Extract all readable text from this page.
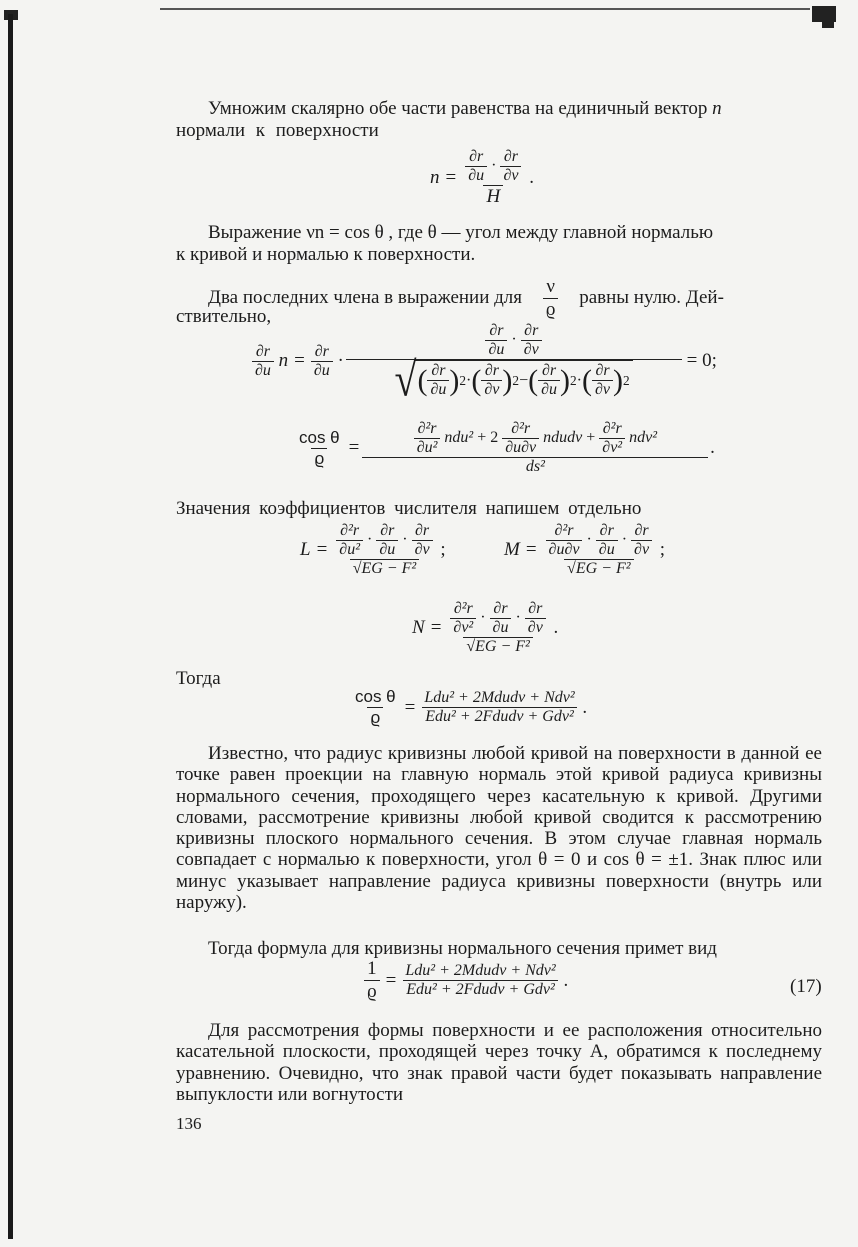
Умножим скалярно обе части равенства на единичный вектор n
нормали к поверхности
$n = \frac{\frac{\partial r}{\partial u} \cdot \frac{\partial r}{\partial v}}{H}$ .
Выражение νn = cos θ , где θ — угол между главной нормалью
к кривой и нормалью к поверхности.
Два последних члена в выражении для $\frac{\nu}{ϱ}$ равны нулю. Дей-
ствительно,
$\frac{\partial r}{\partial u}$ $n = \frac{\partial r}{\partial u}$ ·
$\frac{\partial r}{\partial u} \cdot \frac{\partial r}{\partial v}$
√ ( $\frac{\partial r}{\partial u}$ ) 2 · ( $\frac{\partial r}{\partial v}$ ) 2 − ( $\frac{\partial r}{\partial u}$ ) 2 · ( $\frac{\partial r}{\partial v}$ ) 2
= 0;
$\frac{\text{cos θ}}{ϱ}$ =	$\frac{\text{∂²r}}{\text{∂u²}} ndu^2 + 2 \frac{\text{∂²r}}{\partial u\partial v}$ ndudv + $\frac{\text{∂²r}}{\text{∂v²}} ndv^2$
ds²
.
Значения коэффициентов числителя напишем отдельно
$L = \frac{\frac{\text{∂²r}}{\text{∂u²}} \cdot \frac{\partial r}{\partial u} \cdot \frac{\partial r}{\partial v}}{\text{√EG − F²}}$ ;	$M = \frac{\frac{\text{∂²r}}{\partial u\partial v} \cdot \frac{\partial r}{\partial u} \cdot \frac{\partial r}{\partial v}}{\text{√EG − F²}}$ ;
$N = \frac{\frac{\text{∂²r}}{\text{∂v²}} \cdot \frac{\partial r}{\partial u} \cdot \frac{\partial r}{\partial v}}{\text{√EG − F²}}$ .
Тогда
$\frac{\text{cos θ}}{ϱ} = \frac{\text{Ldu² + 2Mdudv + Ndv²}}{\text{Edu² + 2Fdudv + Gdv²}}$ .
Известно, что радиус кривизны любой кривой на поверхности в данной ее точке равен проекции на главную нормаль этой кривой радиуса кривизны нормального сечения, проходящего через касательную к кривой. Другими словами, рассмотрение кривизны любой кривой сводится к рассмотрению кривизны плоского нормального сечения. В этом случае главная нормаль совпадает с нормалью к поверхности, угол θ = 0 и cos θ = ±1. Знак плюс или минус указывает направление радиуса кривизны поверхности (внутрь или наружу).
Тогда формула для кривизны нормального сечения примет вид
$\frac{1}{ϱ} = \frac{\text{Ldu² + 2Mdudv + Ndv²}}{\text{Edu² + 2Fdudv + Gdv²}}$ .	(17)
Для рассмотрения формы поверхности и ее расположения относительно касательной плоскости, проходящей через точку A, обратимся к последнему уравнению. Очевидно, что знак правой части будет показывать направление выпуклости или вогнутости
136
